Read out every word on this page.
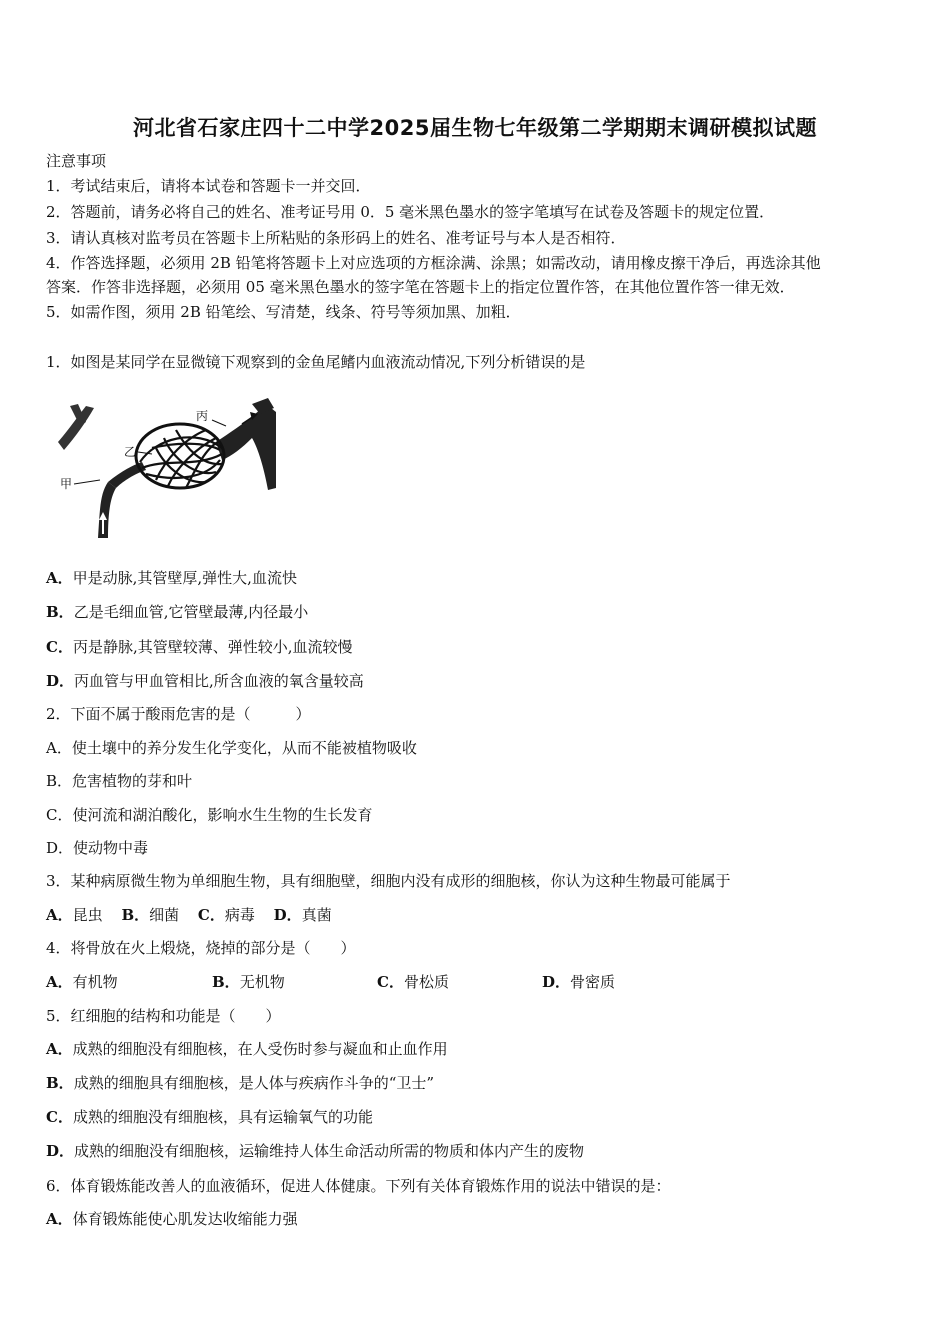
河北省石家庄四十二中学2025届生物七年级第二学期期末调研模拟试题
注意事项
1．考试结束后，请将本试卷和答题卡一并交回．
2．答题前，请务必将自己的姓名、准考证号用 0．5 毫米黑色墨水的签字笔填写在试卷及答题卡的规定位置．
3．请认真核对监考员在答题卡上所粘贴的条形码上的姓名、准考证号与本人是否相符．
4．作答选择题，必须用 2B 铅笔将答题卡上对应选项的方框涂满、涂黑；如需改动，请用橡皮擦干净后，再选涂其他
答案．作答非选择题，必须用 05 毫米黑色墨水的签字笔在答题卡上的指定位置作答，在其他位置作答一律无效．
5．如需作图，须用 2B 铅笔绘、写清楚，线条、符号等须加黑、加粗．
1．如图是某同学在显微镜下观察到的金鱼尾鳍内血液流动情况,下列分析错误的是
甲
乙
丙
A．甲是动脉,其管壁厚,弹性大,血流快
B．乙是毛细血管,它管壁最薄,内径最小
C．丙是静脉,其管壁较薄、弹性较小,血流较慢
D．丙血管与甲血管相比,所含血液的氧含量较高
2．下面不属于酸雨危害的是（　　　）
A．使土壤中的养分发生化学变化，从而不能被植物吸收
B．危害植物的芽和叶
C．使河流和湖泊酸化，影响水生生物的生长发育
D．使动物中毒
3．某种病原微生物为单细胞生物，具有细胞壁，细胞内没有成形的细胞核，你认为这种生物最可能属于
A．昆虫 B．细菌 C．病毒 D．真菌
4．将骨放在火上煅烧，烧掉的部分是（　　）
A．有机物	B．无机物	C．骨松质	D．骨密质
5．红细胞的结构和功能是（　　）
A．成熟的细胞没有细胞核，在人受伤时参与凝血和止血作用
B．成熟的细胞具有细胞核，是人体与疾病作斗争的“卫士”
C．成熟的细胞没有细胞核，具有运输氧气的功能
D．成熟的细胞没有细胞核，运输维持人体生命活动所需的物质和体内产生的废物
6．体育锻炼能改善人的血液循环，促进人体健康。下列有关体育锻炼作用的说法中错误的是：
A．体育锻炼能使心肌发达收缩能力强
